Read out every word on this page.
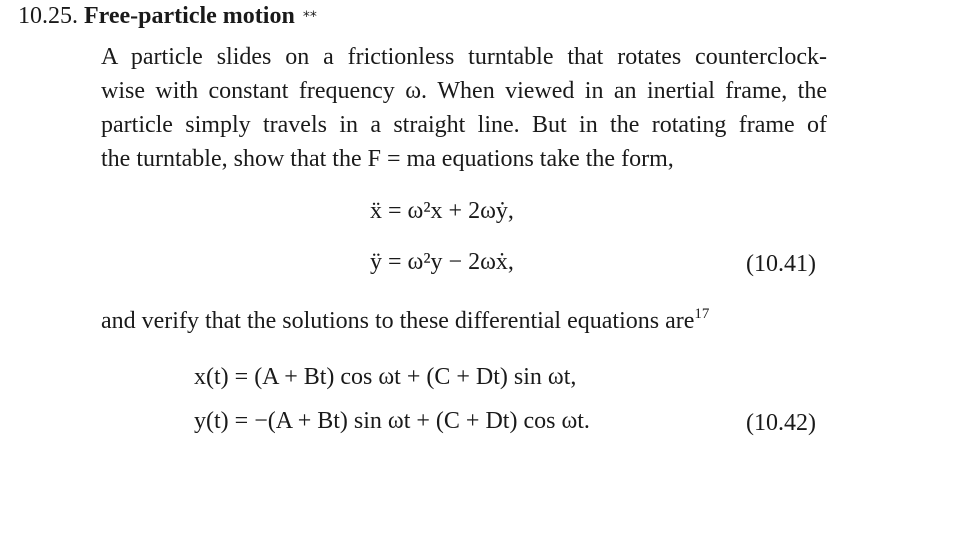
10.25. Free-particle motion **
A particle slides on a frictionless turntable that rotates counterclock-
wise with constant frequency ω. When viewed in an inertial frame, the
particle simply travels in a straight line. But in the rotating frame of
the turntable, show that the F = ma equations take the form,
ẍ = ω²x + 2ωẏ,
ÿ = ω²y − 2ωẋ,	(10.41)
and verify that the solutions to these differential equations are$^{17}$
x(t) = (A + Bt) cos ωt + (C + Dt) sin ωt,
y(t) = −(A + Bt) sin ωt + (C + Dt) cos ωt.	(10.42)
